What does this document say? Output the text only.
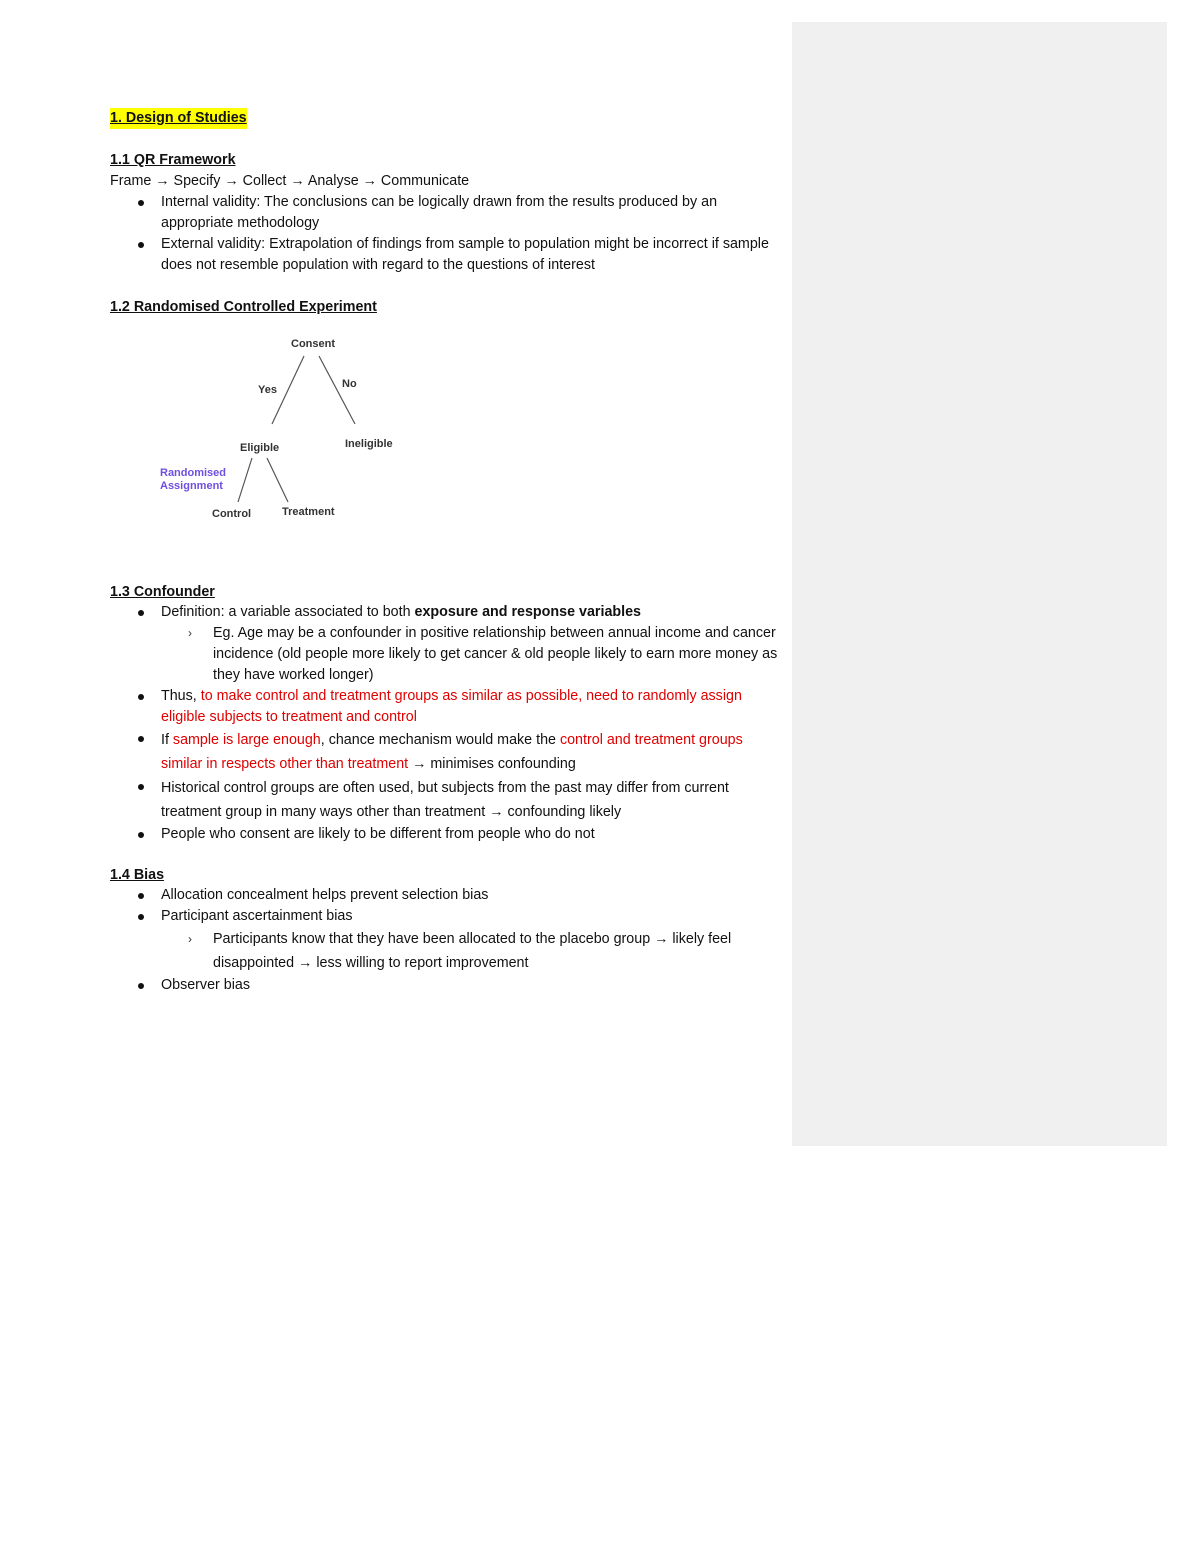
1. Design of Studies

1.1 QR Framework

Frame → Specify → Collect → Analyse → Communicate

Internal validity: The conclusions can be logically drawn from the results produced by an appropriate methodology
External validity: Extrapolation of findings from sample to population might be incorrect if sample does not resemble population with regard to the questions of interest

1.2 Randomised Controlled Experiment

Consent
Yes	No
Eligible	Ineligible
Randomised
Assignment
Control	Treatment

1.3 Confounder

Definition: a variable associated to both exposure and response variables
› Eg. Age may be a confounder in positive relationship between annual income and cancer incidence (old people more likely to get cancer & old people likely to earn more money as they have worked longer)
Thus, to make control and treatment groups as similar as possible, need to randomly assign eligible subjects to treatment and control
If sample is large enough, chance mechanism would make the control and treatment groups similar in respects other than treatment → minimises confounding
Historical control groups are often used, but subjects from the past may differ from current treatment group in many ways other than treatment → confounding likely
People who consent are likely to be different from people who do not

1.4 Bias

Allocation concealment helps prevent selection bias
Participant ascertainment bias
› Participants know that they have been allocated to the placebo group → likely feel disappointed → less willing to report improvement
Observer bias
